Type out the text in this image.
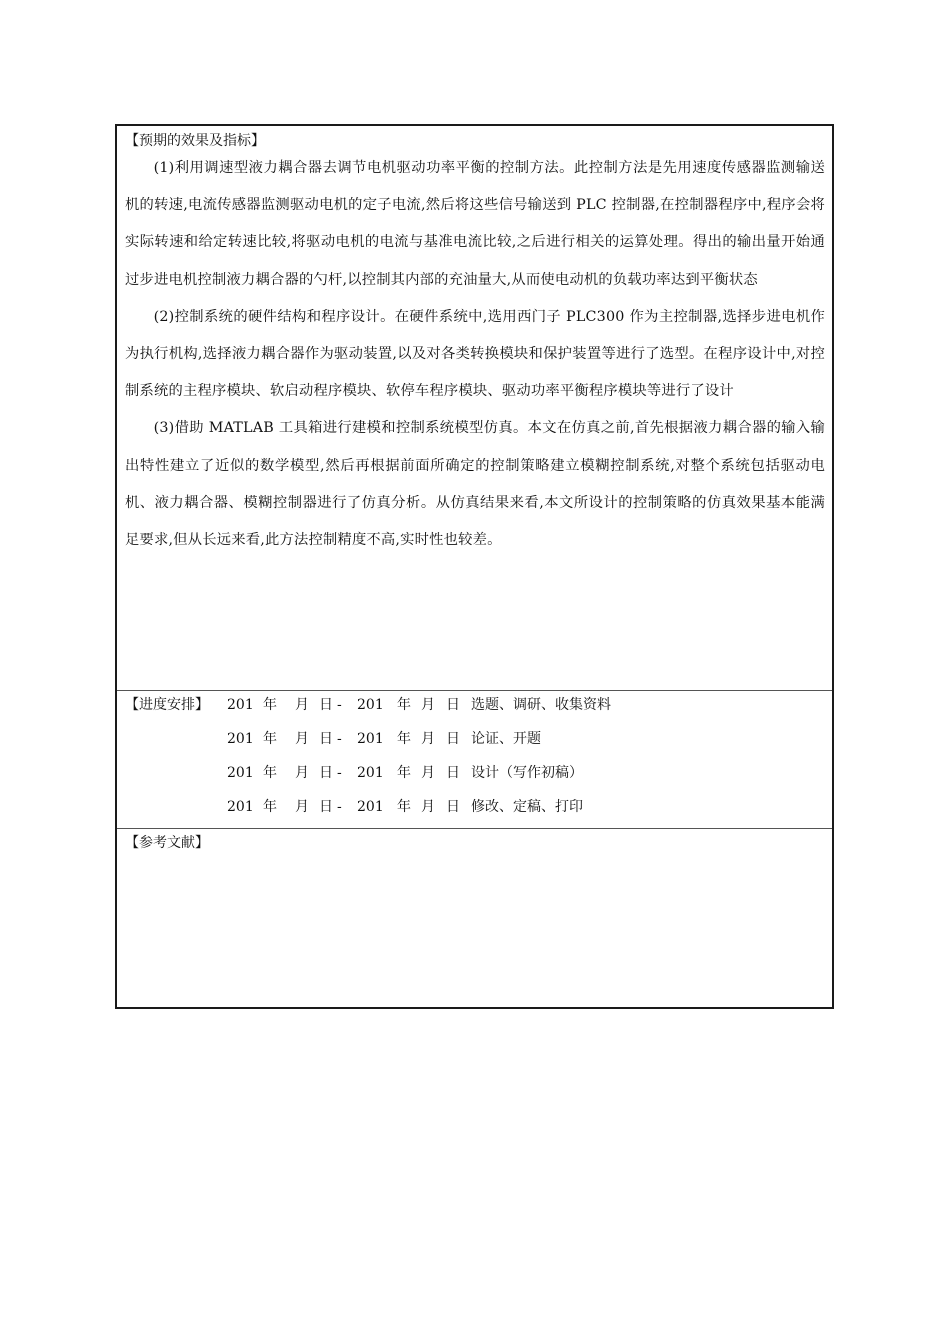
【预期的效果及指标】

(1)利用调速型液力耦合器去调节电机驱动功率平衡的控制方法。此控制方法是先用速度传感器监测输送机的转速,电流传感器监测驱动电机的定子电流,然后将这些信号输送到 PLC 控制器,在控制器程序中,程序会将实际转速和给定转速比较,将驱动电机的电流与基准电流比较,之后进行相关的运算处理。得出的输出量开始通过步进电机控制液力耦合器的勺杆,以控制其内部的充油量大,从而使电动机的负载功率达到平衡状态

(2)控制系统的硬件结构和程序设计。在硬件系统中,选用西门子 PLC300 作为主控制器,选择步进电机作为执行机构,选择液力耦合器作为驱动装置,以及对各类转换模块和保护装置等进行了选型。在程序设计中,对控制系统的主程序模块、软启动程序模块、软停车程序模块、驱动功率平衡程序模块等进行了设计

(3)借助 MATLAB 工具箱进行建模和控制系统模型仿真。本文在仿真之前,首先根据液力耦合器的输入输出特性建立了近似的数学模型,然后再根据前面所确定的控制策略建立模糊控制系统,对整个系统包括驱动电机、液力耦合器、模糊控制器进行了仿真分析。从仿真结果来看,本文所设计的控制策略的仿真效果基本能满足要求,但从长远来看,此方法控制精度不高,实时性也较差。

【进度安排】 201 年 月 日 - 201 年 月 日 选题、调研、收集资料
201 年 月 日 - 201 年 月 日 论证、开题
201 年 月 日 - 201 年 月 日 设计（写作初稿）
201 年 月 日 - 201 年 月 日 修改、定稿、打印
【参考文献】
